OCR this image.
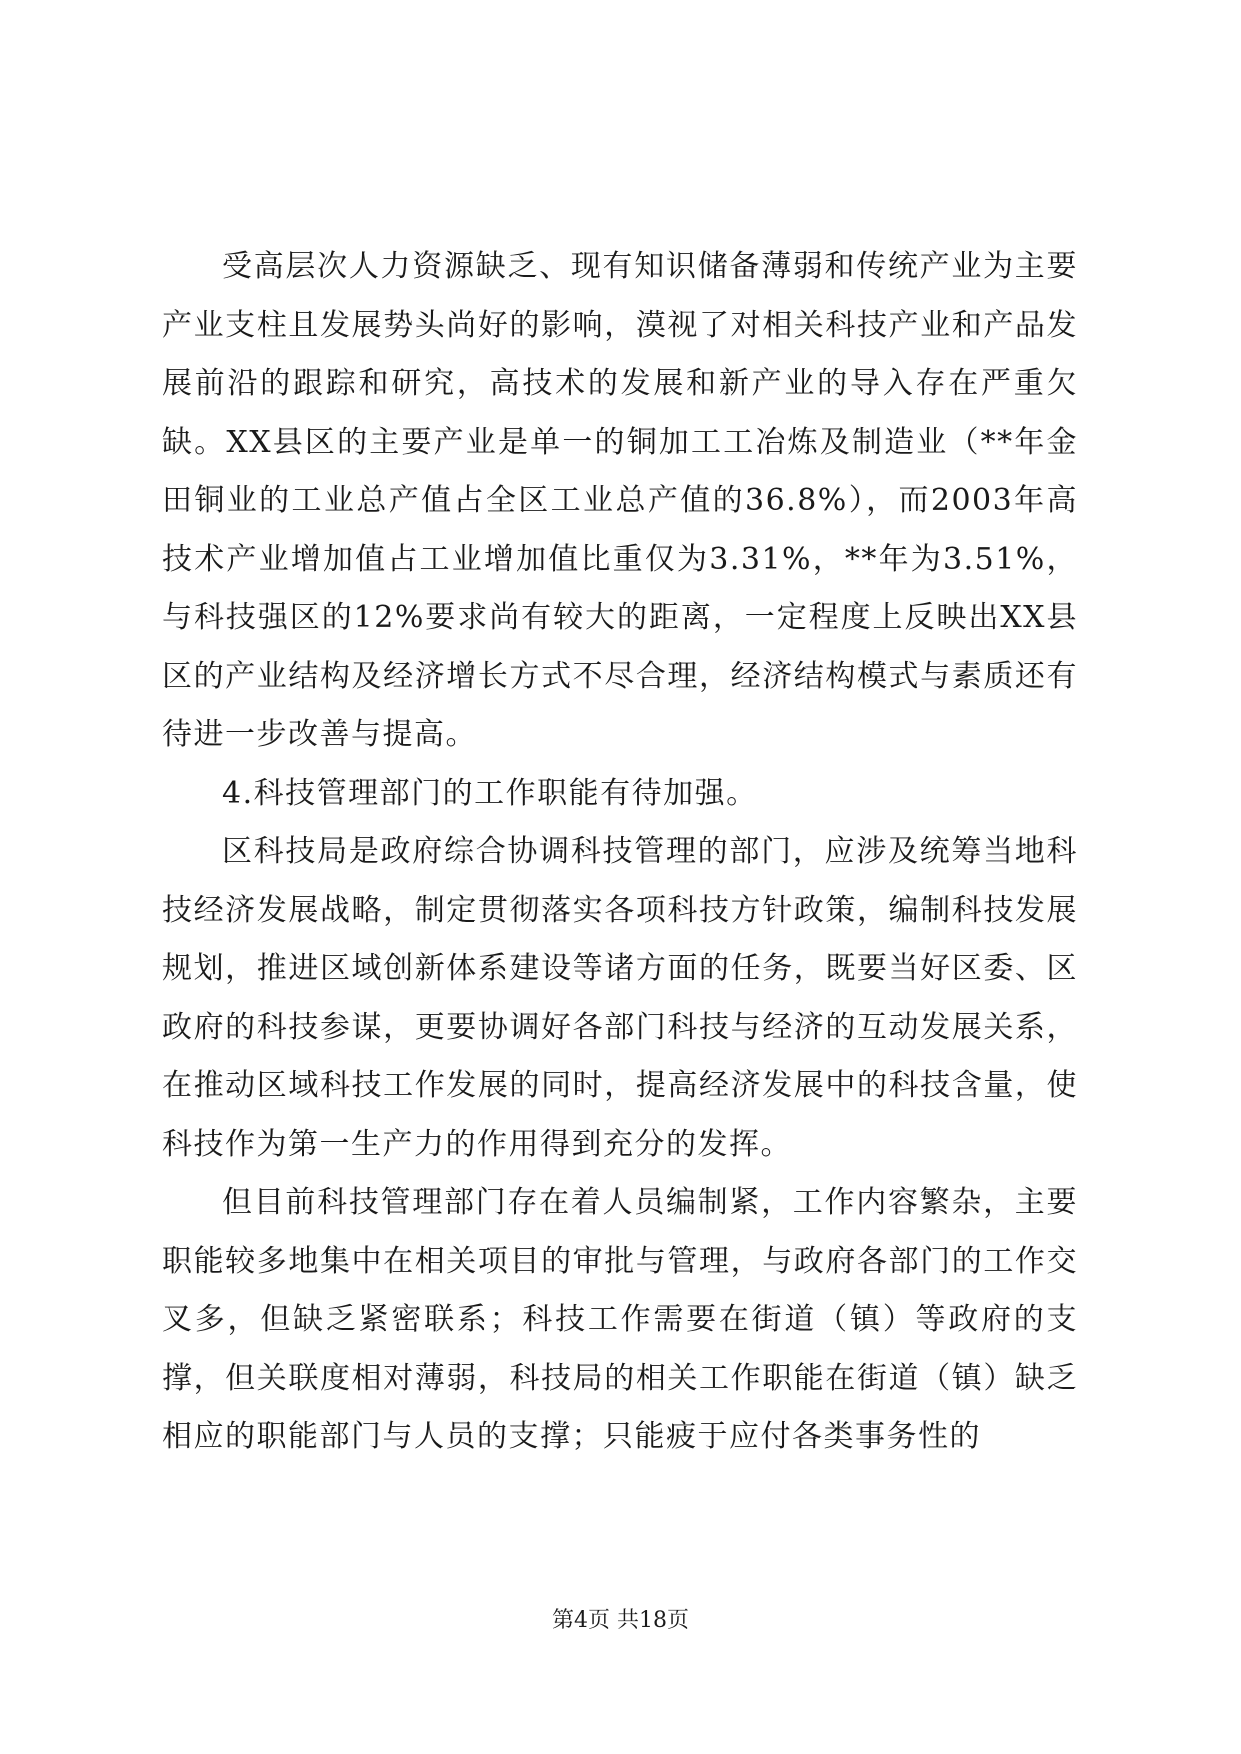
受高层次人力资源缺乏、现有知识储备薄弱和传统产业为主要产业支柱且发展势头尚好的影响，漠视了对相关科技产业和产品发展前沿的跟踪和研究，高技术的发展和新产业的导入存在严重欠缺。XX县区的主要产业是单一的铜加工工冶炼及制造业（**年金田铜业的工业总产值占全区工业总产值的36.8%），而2003年高技术产业增加值占工业增加值比重仅为3.31%，**年为3.51%，与科技强区的12%要求尚有较大的距离，一定程度上反映出XX县区的产业结构及经济增长方式不尽合理，经济结构模式与素质还有待进一步改善与提高。

4.科技管理部门的工作职能有待加强。

区科技局是政府综合协调科技管理的部门，应涉及统筹当地科技经济发展战略，制定贯彻落实各项科技方针政策，编制科技发展规划，推进区域创新体系建设等诸方面的任务，既要当好区委、区政府的科技参谋，更要协调好各部门科技与经济的互动发展关系，在推动区域科技工作发展的同时，提高经济发展中的科技含量，使科技作为第一生产力的作用得到充分的发挥。

但目前科技管理部门存在着人员编制紧，工作内容繁杂，主要职能较多地集中在相关项目的审批与管理，与政府各部门的工作交叉多，但缺乏紧密联系；科技工作需要在街道（镇）等政府的支撑，但关联度相对薄弱，科技局的相关工作职能在街道（镇）缺乏相应的职能部门与人员的支撑；只能疲于应付各类事务性的

第4页 共18页
